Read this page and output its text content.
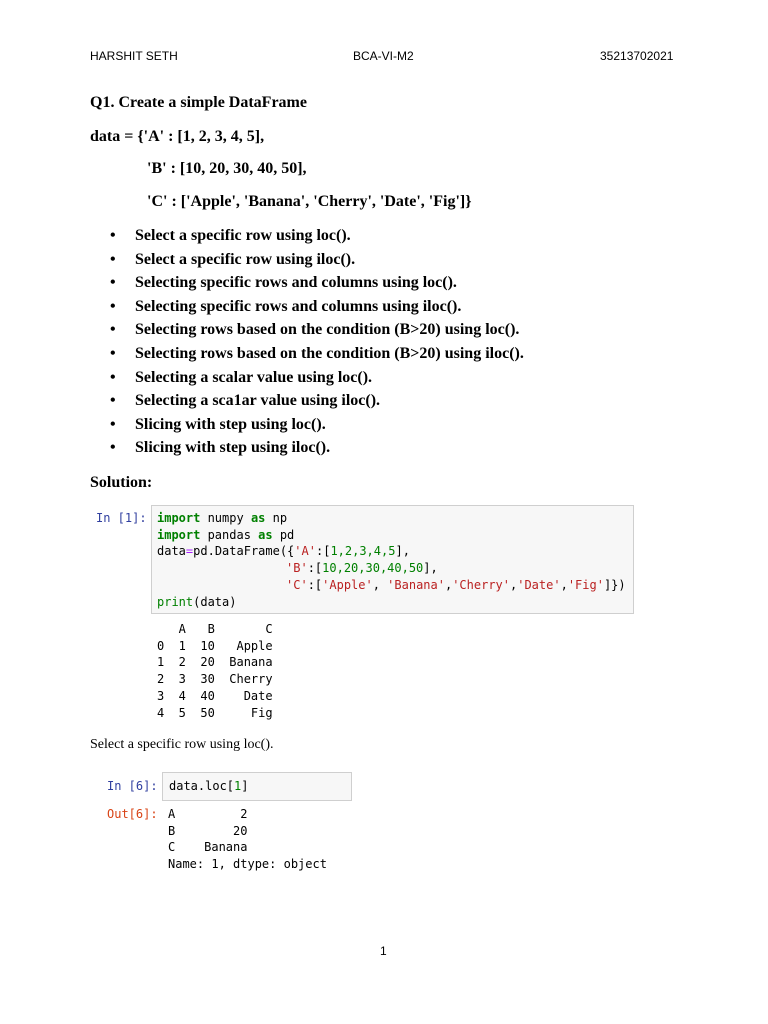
HARSHIT SETH	BCA-VI-M2	35213702021
Q1. Create a simple DataFrame
data = {'A' : [1, 2, 3, 4, 5],
'B' : [10, 20, 30, 40, 50],
'C' : ['Apple', 'Banana', 'Cherry', 'Date', 'Fig']}
• Select a specific row using loc().
• Select a specific row using iloc().
• Selecting specific rows and columns using loc().
• Selecting specific rows and columns using iloc().
• Selecting rows based on the condition (B>20) using loc().
• Selecting rows based on the condition (B>20) using iloc().
• Selecting a scalar value using loc().
• Selecting a sca1ar value using iloc().
• Slicing with step using loc().
• Slicing with step using iloc().
Solution:
In [1]: import numpy as np
import pandas as pd
data=pd.DataFrame({'A':[1,2,3,4,5],
'B':[10,20,30,40,50],
'C':['Apple', 'Banana','Cherry','Date','Fig']})
print(data)
A   B       C
0  1  10   Apple
1  2  20  Banana
2  3  30  Cherry
3  4  40    Date
4  5  50     Fig
Select a specific row using loc().
In [6]: data.loc[1]
Out[6]: A         2
B        20
C    Banana
Name: 1, dtype: object
1
